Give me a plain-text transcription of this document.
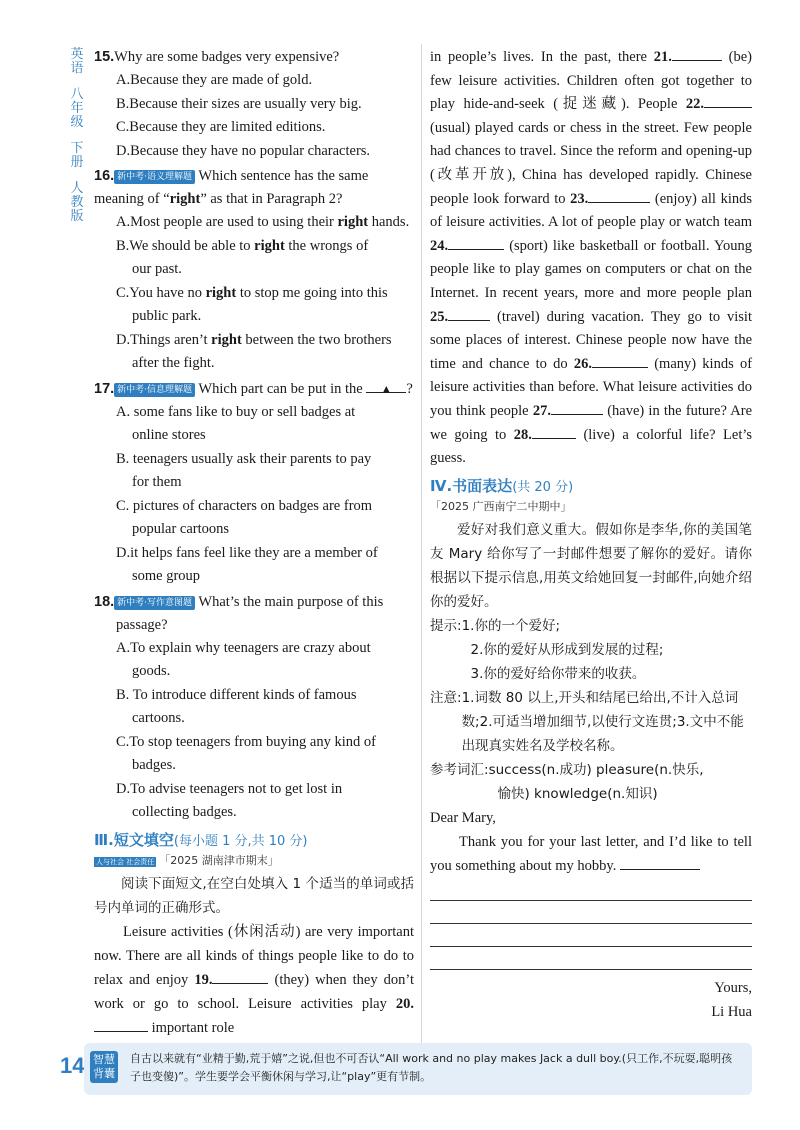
英语
八年级
下册
人教版

15.Why are some badges very expensive?

A.Because they are made of gold.
B.Because their sizes are usually very big.
C.Because they are limited editions.
D.Because they have no popular characters.

16. 新中考·语义理解题 Which sentence has the same meaning of “right” as that in Paragraph 2?

A.Most people are used to using their right hands.
B.We should be able to right the wrongs of
our past.
C.You have no right to stop me going into this
public park.
D.Things aren’t right between the two brothers
after the fight.

17. 新中考·信息理解题 Which part can be put in the ▲ ?

A. some fans like to buy or sell badges at
online stores
B. teenagers usually ask their parents to pay
for them
C. pictures of characters on badges are from
popular cartoons
D.it helps fans feel like they are a member of
some group

18. 新中考·写作意图题 What’s the main purpose of this
passage?

A.To explain why teenagers are crazy about
goods.
B. To introduce different kinds of famous
cartoons.
C.To stop teenagers from buying any kind of
badges.
D.To advise teenagers not to get lost in
collecting badges.
Ⅲ.短文填空(每小题 1 分,共 10 分)
人与社会 社会责任 「2025 湖南津市期末」

阅读下面短文,在空白处填入 1 个适当的单词或括号内单词的正确形式。

Leisure activities (休闲活动) are very important now. There are all kinds of things people like to do to relax and enjoy 19.	(they) when they don’t work or go to school. Leisure activities play 20. important role

in people’s lives. In the past, there 21.	(be) few leisure activities. Children often got together to play hide-and-seek (捉迷藏). People 22. (usual) played cards or chess in the street. Few people had chances to travel. Since the reform and opening-up (改革开放), China has developed rapidly. Chinese people look forward to 23.	(enjoy) all kinds of leisure activities. A lot of people play or watch team 24.	(sport) like basketball or football. Young people like to play games on computers or chat on the Internet. In recent years, more and more people plan 25.	(travel) during vacation. They go to visit some places of interest. Chinese people now have the time and chance to do 26.	(many) kinds of leisure activities than before. What leisure activities do you think people 27.	(have) in the future? Are we going to 28.	(live) a colorful life? Let’s guess.

Ⅳ.书面表达(共 20 分)
「2025 广西南宁二中期中」

爱好对我们意义重大。假如你是李华,你的美国笔友 Mary 给你写了一封邮件想要了解你的爱好。请你根据以下提示信息,用英文给她回复一封邮件,向她介绍你的爱好。

提示:1.你的一个爱好;
2.你的爱好从形成到发展的过程;
3.你的爱好给你带来的收获。
注意: 1.词数 80 以上,开头和结尾已给出,不计入总词数;2.可适当增加细节,以使行文连贯;3.文中不能出现真实姓名及学校名称。
参考词汇:success(n.成功) pleasure(n.快乐,
愉快) knowledge(n.知识)

Dear Mary,

Thank you for your last letter, and I’d like to tell you something about my hobby.

Yours,

Li Hua

14 智慧背囊
自古以来就有“业精于勤,荒于嬉”之说,但也不可否认“All work and no play makes Jack a dull boy.(只工作,不玩耍,聪明孩子也变傻)”。学生要学会平衡休闲与学习,让“play”更有节制。
